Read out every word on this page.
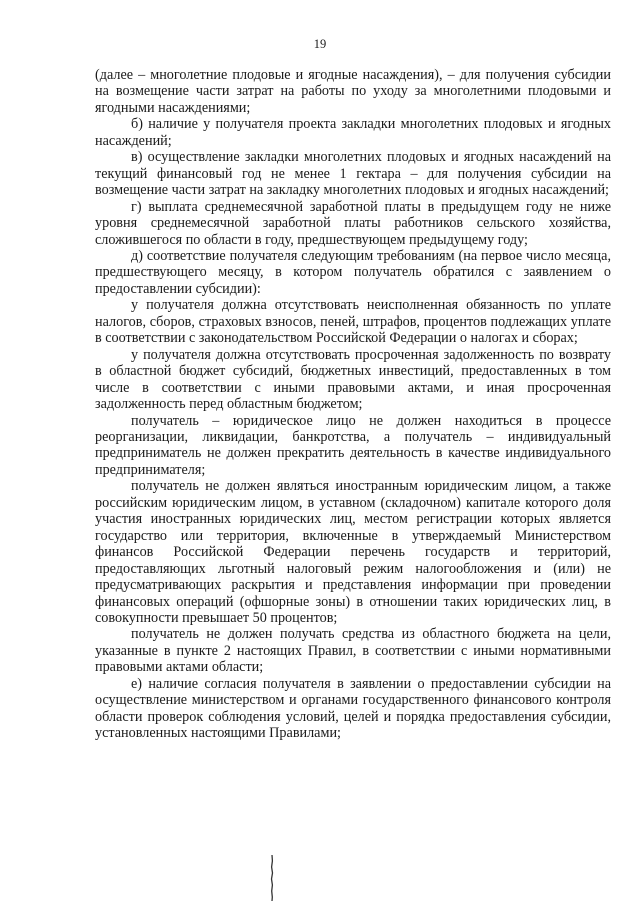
19

(далее – многолетние плодовые и ягодные насаждения), – для получения субсидии на возмещение части затрат на работы по уходу за многолетними плодовыми и ягодными насаждениями;

б) наличие у получателя проекта закладки многолетних плодовых и ягодных насаждений;

в) осуществление закладки многолетних плодовых и ягодных насаждений на текущий финансовый год не менее 1 гектара – для получения субсидии на возмещение части затрат на закладку многолетних плодовых и ягодных насаждений;

г) выплата среднемесячной заработной платы в предыдущем году не ниже уровня среднемесячной заработной платы работников сельского хозяйства, сложившегося по области в году, предшествующем предыдущему году;

д) соответствие получателя следующим требованиям (на первое число месяца, предшествующего месяцу, в котором получатель обратился с заявлением о предоставлении субсидии):

у получателя должна отсутствовать неисполненная обязанность по уплате налогов, сборов, страховых взносов, пеней, штрафов, процентов подлежащих уплате в соответствии с законодательством Российской Федерации о налогах и сборах;

у получателя должна отсутствовать просроченная задолженность по возврату в областной бюджет субсидий, бюджетных инвестиций, предоставленных в том числе в соответствии с иными правовыми актами, и иная просроченная задолженность перед областным бюджетом;

получатель – юридическое лицо не должен находиться в процессе реорганизации, ликвидации, банкротства, а получатель – индивидуальный предприниматель не должен прекратить деятельность в качестве индивидуального предпринимателя;

получатель не должен являться иностранным юридическим лицом, а также российским юридическим лицом, в уставном (складочном) капитале которого доля участия иностранных юридических лиц, местом регистрации которых является государство или территория, включенные в утверждаемый Министерством финансов Российской Федерации перечень государств и территорий, предоставляющих льготный налоговый режим налогообложения и (или) не предусматривающих раскрытия и представления информации при проведении финансовых операций (офшорные зоны) в отношении таких юридических лиц, в совокупности превышает 50 процентов;

получатель не должен получать средства из областного бюджета на цели, указанные в пункте 2 настоящих Правил, в соответствии с иными нормативными правовыми актами области;

е) наличие согласия получателя в заявлении о предоставлении субсидии на осуществление министерством и органами государственного финансового контроля области проверок соблюдения условий, целей и порядка предоставления субсидии, установленных настоящими Правилами;
